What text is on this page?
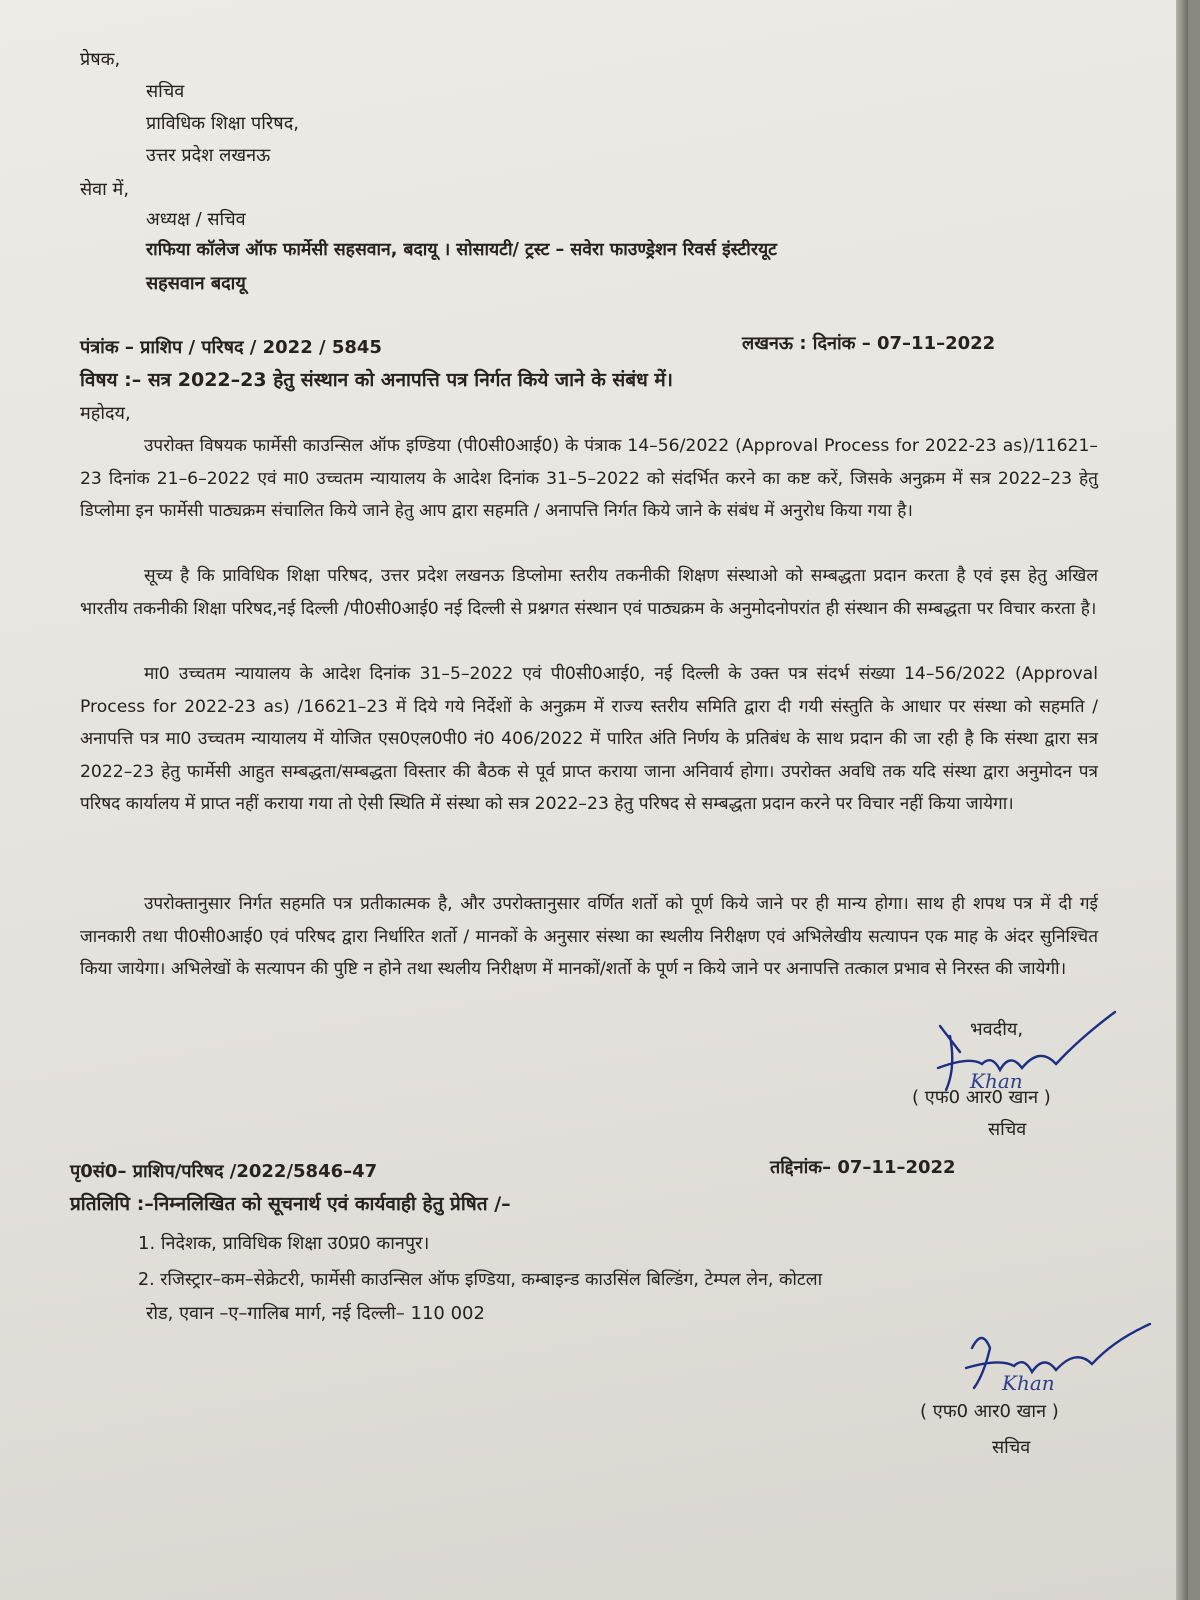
प्रेषक,

सचिव

प्राविधिक शिक्षा परिषद,

उत्तर प्रदेश लखनऊ

सेवा में,

अध्यक्ष / सचिव

राफिया कॉलेज ऑफ फार्मेसी सहसवान, बदायू । सोसायटी/ ट्रस्ट – सवेरा फाउण्ड्रेशन रिवर्स इंस्टीरयूट

सहसवान बदायू

पंत्रांक – प्राशिप / परिषद / 2022 / 5845	लखनऊ : दिनांक – 07–11–2022

विषय :– सत्र 2022–23 हेतु संस्थान को अनापत्ति पत्र निर्गत किये जाने के संबंध में।

महोदय,

उपरोक्त विषयक फार्मेसी काउन्सिल ऑफ इण्डिया (पी0सी0आई0) के पंत्राक 14–56/2022 (Approval Process for 2022-23 as)/11621–23 दिनांक 21–6–2022 एवं मा0 उच्चतम न्यायालय के आदेश दिनांक 31–5–2022 को संदर्भित करने का कष्ट करें, जिसके अनुक्रम में सत्र 2022–23 हेतु डिप्लोमा इन फार्मेसी पाठ्यक्रम संचालित किये जाने हेतु आप द्वारा सहमति / अनापत्ति निर्गत किये जाने के संबंध में अनुरोध किया गया है।

सूच्य है कि प्राविधिक शिक्षा परिषद, उत्तर प्रदेश लखनऊ डिप्लोमा स्तरीय तकनीकी शिक्षण संस्थाओ को सम्बद्धता प्रदान करता है एवं इस हेतु अखिल भारतीय तकनीकी शिक्षा परिषद,नई दिल्ली /पी0सी0आई0 नई दिल्ली से प्रश्नगत संस्थान एवं पाठ्यक्रम के अनुमोदनोपरांत ही संस्थान की सम्बद्धता पर विचार करता है।

मा0 उच्चतम न्यायालय के आदेश दिनांक 31–5–2022 एवं पी0सी0आई0, नई दिल्ली के उक्त पत्र संदर्भ संख्या 14–56/2022 (Approval Process for 2022-23 as) /16621–23 में दिये गये निर्देशों के अनुक्रम में राज्य स्तरीय समिति द्वारा दी गयी संस्तुति के आधार पर संस्था को सहमति / अनापत्ति पत्र मा0 उच्चतम न्यायालय में योजित एस0एल0पी0 नं0 406/2022 में पारित अंति निर्णय के प्रतिबंध के साथ प्रदान की जा रही है कि संस्था द्वारा सत्र 2022–23 हेतु फार्मेसी आहुत सम्बद्धता/सम्बद्धता विस्तार की बैठक से पूर्व प्राप्त कराया जाना अनिवार्य होगा। उपरोक्त अवधि तक यदि संस्था द्वारा अनुमोदन पत्र परिषद कार्यालय में प्राप्त नहीं कराया गया तो ऐसी स्थिति में संस्था को सत्र 2022–23 हेतु परिषद से सम्बद्धता प्रदान करने पर विचार नहीं किया जायेगा।

उपरोक्तानुसार निर्गत सहमति पत्र प्रतीकात्मक है, और उपरोक्तानुसार वर्णित शर्तो को पूर्ण किये जाने पर ही मान्य होगा। साथ ही शपथ पत्र में दी गई जानकारी तथा पी0सी0आई0 एवं परिषद द्वारा निर्धारित शर्तो / मानकों के अनुसार संस्था का स्थलीय निरीक्षण एवं अभिलेखीय सत्यापन एक माह के अंदर सुनिश्चित किया जायेगा। अभिलेखों के सत्यापन की पुष्टि न होने तथा स्थलीय निरीक्षण में मानकों/शर्तो के पूर्ण न किये जाने पर अनापत्ति तत्काल प्रभाव से निरस्त की जायेगी।

भवदीय,

Khan

( एफ0 आर0 खान )

सचिव

पृ0सं0– प्राशिप/परिषद /2022/5846–47	तद्दिनांक– 07–11–2022

प्रतिलिपि :–निम्नलिखित को सूचनार्थ एवं कार्यवाही हेतु प्रेषित /–

1. निदेशक, प्राविधिक शिक्षा उ0प्र0 कानपुर।

2. रजिस्ट्रार–कम–सेक्रेटरी, फार्मेसी काउन्सिल ऑफ इण्डिया, कम्बाइन्ड काउसिंल बिल्डिंग, टेम्पल लेन, कोटला

रोड, एवान –ए–गालिब मार्ग, नई दिल्ली– 110 002

Khan

( एफ0 आर0 खान )

सचिव
